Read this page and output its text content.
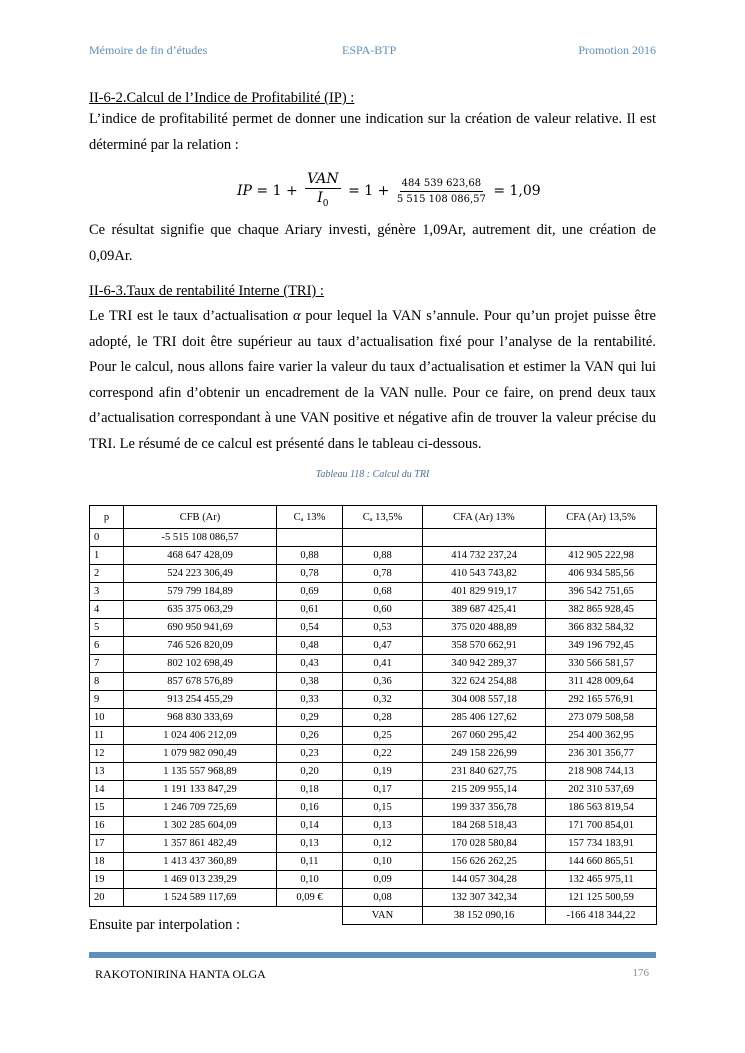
Mémoire de fin d’études	ESPA-BTP	Promotion 2016

II-6-2.Calcul de l’Indice de Profitabilité (IP) :

L’indice de profitabilité permet de donner une indication sur la création de valeur relative. Il est déterminé par la relation :

IP = $1 + \frac{\text{VAN}}{I_0} = 1 + \frac{484 539 623,68}{5 515 108 086,57} = 1,09$

Ce résultat signifie que chaque Ariary investi, génère 1,09Ar, autrement dit, une création de 0,09Ar.

II-6-3.Taux de rentabilité Interne (TRI) :

Le TRI est le taux d’actualisation α pour lequel la VAN s’annule. Pour qu’un projet puisse être adopté, le TRI doit être supérieur au taux d’actualisation fixé pour l’analyse de la rentabilité. Pour le calcul, nous allons faire varier la valeur du taux d’actualisation et estimer la VAN qui lui correspond afin d’obtenir un encadrement de la VAN nulle. Pour ce faire, on prend deux taux d’actualisation correspondant à une VAN positive et négative afin de trouver la valeur précise du TRI. Le résumé de ce calcul est présenté dans le tableau ci-dessous.

Tableau 118 : Calcul du TRI

p	CFB (Ar)	Cₐ 13%	Cₐ 13,5%	CFA (Ar) 13%	CFA (Ar) 13,5%
0	-5 515 108 086,57				
1	468 647 428,09	0,88	0,88	414 732 237,24	412 905 222,98
2	524 223 306,49	0,78	0,78	410 543 743,82	406 934 585,56
3	579 799 184,89	0,69	0,68	401 829 919,17	396 542 751,65
4	635 375 063,29	0,61	0,60	389 687 425,41	382 865 928,45
5	690 950 941,69	0,54	0,53	375 020 488,89	366 832 584,32
6	746 526 820,09	0,48	0,47	358 570 662,91	349 196 792,45
7	802 102 698,49	0,43	0,41	340 942 289,37	330 566 581,57
8	857 678 576,89	0,38	0,36	322 624 254,88	311 428 009,64
9	913 254 455,29	0,33	0,32	304 008 557,18	292 165 576,91
10	968 830 333,69	0,29	0,28	285 406 127,62	273 079 508,58
11	1 024 406 212,09	0,26	0,25	267 060 295,42	254 400 362,95
12	1 079 982 090,49	0,23	0,22	249 158 226,99	236 301 356,77
13	1 135 557 968,89	0,20	0,19	231 840 627,75	218 908 744,13
14	1 191 133 847,29	0,18	0,17	215 209 955,14	202 310 537,69
15	1 246 709 725,69	0,16	0,15	199 337 356,78	186 563 819,54
16	1 302 285 604,09	0,14	0,13	184 268 518,43	171 700 854,01
17	1 357 861 482,49	0,13	0,12	170 028 580,84	157 734 183,91
18	1 413 437 360,89	0,11	0,10	156 626 262,25	144 660 865,51
19	1 469 013 239,29	0,10	0,09	144 057 304,28	132 465 975,11
20	1 524 589 117,69	0,09 €	0,08	132 307 342,34	121 125 500,59
			VAN	38 152 090,16	-166 418 344,22

Ensuite par interpolation :

RAKOTONIRINA HANTA OLGA	176
